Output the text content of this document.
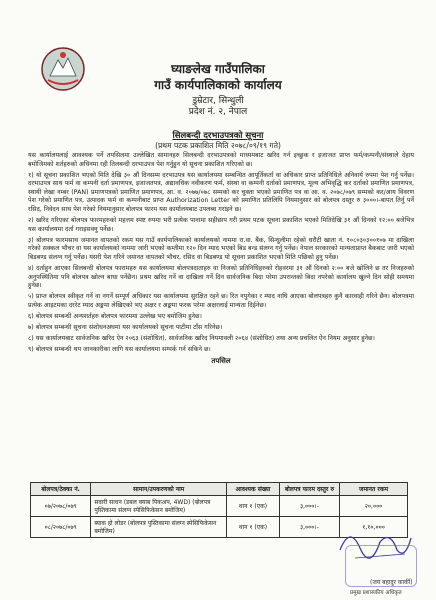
घ्याङलेख गाउँपालिका
गाउँ कार्यपालिकाको कार्यालय
डुम्रेटार, सिन्धुली
प्रदेश नं. २, नेपाल
सिलबन्दी दरभाउपत्रको सूचना
(प्रथम पटक प्रकाशित मिति २०७८/०९/१९ गते)

यस कार्यालयलाई आवश्यक पर्ने तपसिलमा उल्लेखित सामानहरु सिलबन्दी दरभाउपत्रको माध्यमबाट खरिद गर्न इच्छुक र इजाजत प्राप्त फर्म/कम्पनी/संस्थाले देहाय बमोजिमको शर्तहरुको अधिनमा रही तिलबन्दी दरभाउपत्र पेश गर्नुहुन यो सूचना प्रकाशित गरिएको छ।

१) यो सूचना प्रकाशित भएको मिति देखि ३० औं दिनसम्म दरभाउपत्र यस कार्यालयमा सम्बन्धित आपूर्तिकर्ता वा अधिकार प्राप्त प्रतिनिधिले अनिवार्य रुपमा पेश गर्नु पर्नेछ। दरभाउपत्र साथ फर्म वा कम्पनी दर्ता प्रमाणपत्र, इजाजतपत्र, अद्यावधिक नवीकरण फर्म, संस्था वा कम्पनी दर्ताको प्रमाणपत्र, मूल्य अभिवृद्धि कर दर्ताको प्रमाणित प्रमाणपत्र, स्थायी लेखा नम्बर (PAN) प्रमाणपत्रको प्रमाणित प्रमाणपत्र, आ. व. २०७७/०७८ सम्मको कर चुक्ता भएको प्रमाणित पत्र वा आ. व. २०७८/०७९ सम्मको कर/आय विवरण पेश गरेको प्रमाणित पत्र, उत्पादक फर्म वा कम्पनीबाट प्राप्त Authorization Letter को प्रमाणित प्रतिलिपि नियमानुसार को बोलपत्र दस्तुर रु ३०००।-बापत तिर्नु पर्ने रसिद, निवेदन साथ पेश गरेको नियमानुसार बोलपत्र फारम यस कार्यालयबाट उपलब्ध गराइने छ।

२) खरिद गरिएका बोलपत्र फारमहरुको महत्तम स्पष्ट रुपमा भरी प्रत्येक पानामा सहीछाप गरी प्रथम पटक सूचना प्रकाशित भएको मितिदेखि ३१ औं दिनको १२:०० बजेभित्र यस कार्यालयमा दर्ता गराइसक्नु पर्नेछ।

३) बोलपत्र फारमसाथ जमानत वापतको रकम यस गाउँ कार्यपालिकाको कार्यालयको नाममा रा.वा. बैंक, सिन्धुलीमा रहेको धरौटी खाता नं. १०८०३०३००१०७ मा दाखिला गरेको सक्कल भौचर वा यस कार्यालयको नाममा जारी भएको कम्तीमा १२० दिन म्याद भएको बिड बन्ड संलग्न गर्नु पर्नेछ। नेपाल सरकारको मान्यताप्राप्त बैकबाट जारी भएको बिडबण्ड संलग्न गर्नु पर्नेछ। यसरी पेश गरिने जमानत वापतको भौचर, रसिद वा बिडबण्ड यो सूचना प्रकाशित भएको मिति पछिको हुनु पर्नेछ।

४) दर्ताहुन आएका सिलबन्दी बोलपत्र फारामहरु यस कार्यालयमा बोलपत्रदाताहरु वा निजको प्रतिनिधिहरुको रोहवरमा ३१ औं दिनको २:०० बजे खोलिने छ तर निजहरुको अनुपस्थितिमा पनि बोलपत्र खोल्न बाधा पर्नेछैन। प्रथम खरिद गर्ने वा दाखिला गर्ने दिन सार्वजनिक बिदा परेमा उपरान्तको बिदा नपरेको कार्यालय खुल्ने दिन सोही समयमा हुनेछ।

५) प्राप्त बोलपत्र स्वीकृत गर्ने वा नगर्ने सम्पूर्ण अधिकार यस कार्यालयमा सुरक्षित रहने छ। रित नपुगेका र म्याद नाघि आएका बोलपत्रहरु कुनै कारवाही गरिने छैन। बोलपत्रमा प्रत्येक आइटमका दररेट म्याद अङ्कमा लेखिएको भए अक्षर र अङ्कमा फरक परेमा अक्षरलाई मान्यता दिईनेछ।

६) बोलपत्र सम्बन्धी अन्यशर्तहरु बोलपत्र फारममा उल्लेख भए बमोजिम हुनेछ।

७) बोलपत्र सम्बन्धी सूचना संशोधनअघमा यस कार्यालयको सूचना पाटीमा टाँस गरिनेछ।

८) यस कार्यालयबाट सार्वजनिक खरिद ऐन २०६३ (संशोधित), सार्वजनिक खरिद नियमावली २०६४ (संशोधित) तथा अन्य प्रचलित ऐन नियम अनुसार हुनेछ।

९) बोलपत्र सम्बन्धी थप जानकारीका लागि यस कार्यालयमा सम्पर्क गर्न सकिने छ।

तपसिल
बोलपत्र/ठेक्का नं.	सामान/उपकरणको नाम	आवश्यक संख्या	बोलपत्र फारम दस्तुर रु	जमानत रकम
०७/२०७८/०७९	सवारी साधन (डबल क्याब पिकअप, 4WD) (बोलपत्र पुस्तिकामा संलग्न स्पेसिफिकेसन बमोजिम)	थान १ (एक)	३,०००।-	२०,०००
०८/२०७८/०७९	ब्याक हो लोडर (बोलपत्र पुस्तिकामा संलग्न स्पेसिफिकेसन बमोजिम)	थान १ (एक)	३,०००।-	१,१०,०००
(जय बहादुर कार्की)
प्रमुख प्रशासकीय अधिकृत
